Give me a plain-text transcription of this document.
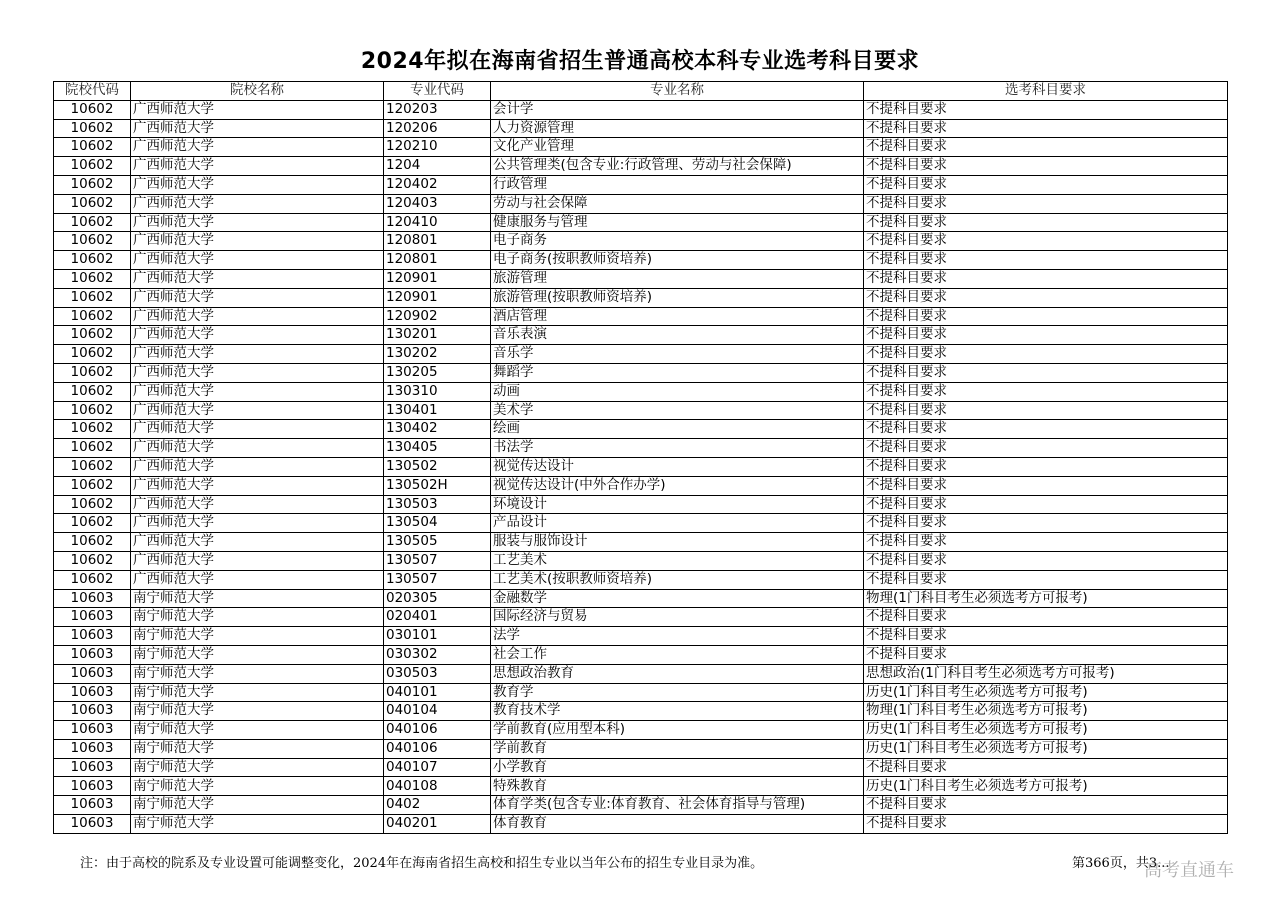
2024年拟在海南省招生普通高校本科专业选考科目要求
院校代码	院校名称	专业代码	专业名称	选考科目要求
10602	广西师范大学	120203	会计学	不提科目要求
10602	广西师范大学	120206	人力资源管理	不提科目要求
10602	广西师范大学	120210	文化产业管理	不提科目要求
10602	广西师范大学	1204	公共管理类(包含专业:行政管理、劳动与社会保障)	不提科目要求
10602	广西师范大学	120402	行政管理	不提科目要求
10602	广西师范大学	120403	劳动与社会保障	不提科目要求
10602	广西师范大学	120410	健康服务与管理	不提科目要求
10602	广西师范大学	120801	电子商务	不提科目要求
10602	广西师范大学	120801	电子商务(按职教师资培养)	不提科目要求
10602	广西师范大学	120901	旅游管理	不提科目要求
10602	广西师范大学	120901	旅游管理(按职教师资培养)	不提科目要求
10602	广西师范大学	120902	酒店管理	不提科目要求
10602	广西师范大学	130201	音乐表演	不提科目要求
10602	广西师范大学	130202	音乐学	不提科目要求
10602	广西师范大学	130205	舞蹈学	不提科目要求
10602	广西师范大学	130310	动画	不提科目要求
10602	广西师范大学	130401	美术学	不提科目要求
10602	广西师范大学	130402	绘画	不提科目要求
10602	广西师范大学	130405	书法学	不提科目要求
10602	广西师范大学	130502	视觉传达设计	不提科目要求
10602	广西师范大学	130502H	视觉传达设计(中外合作办学)	不提科目要求
10602	广西师范大学	130503	环境设计	不提科目要求
10602	广西师范大学	130504	产品设计	不提科目要求
10602	广西师范大学	130505	服装与服饰设计	不提科目要求
10602	广西师范大学	130507	工艺美术	不提科目要求
10602	广西师范大学	130507	工艺美术(按职教师资培养)	不提科目要求
10603	南宁师范大学	020305	金融数学	物理(1门科目考生必须选考方可报考)
10603	南宁师范大学	020401	国际经济与贸易	不提科目要求
10603	南宁师范大学	030101	法学	不提科目要求
10603	南宁师范大学	030302	社会工作	不提科目要求
10603	南宁师范大学	030503	思想政治教育	思想政治(1门科目考生必须选考方可报考)
10603	南宁师范大学	040101	教育学	历史(1门科目考生必须选考方可报考)
10603	南宁师范大学	040104	教育技术学	物理(1门科目考生必须选考方可报考)
10603	南宁师范大学	040106	学前教育(应用型本科)	历史(1门科目考生必须选考方可报考)
10603	南宁师范大学	040106	学前教育	历史(1门科目考生必须选考方可报考)
10603	南宁师范大学	040107	小学教育	不提科目要求
10603	南宁师范大学	040108	特殊教育	历史(1门科目考生必须选考方可报考)
10603	南宁师范大学	0402	体育学类(包含专业:体育教育、社会体育指导与管理)	不提科目要求
10603	南宁师范大学	040201	体育教育	不提科目要求
注：由于高校的院系及专业设置可能调整变化，2024年在海南省招生高校和招生专业以当年公布的招生专业目录为准。	第366页，共3...
高考直通车
